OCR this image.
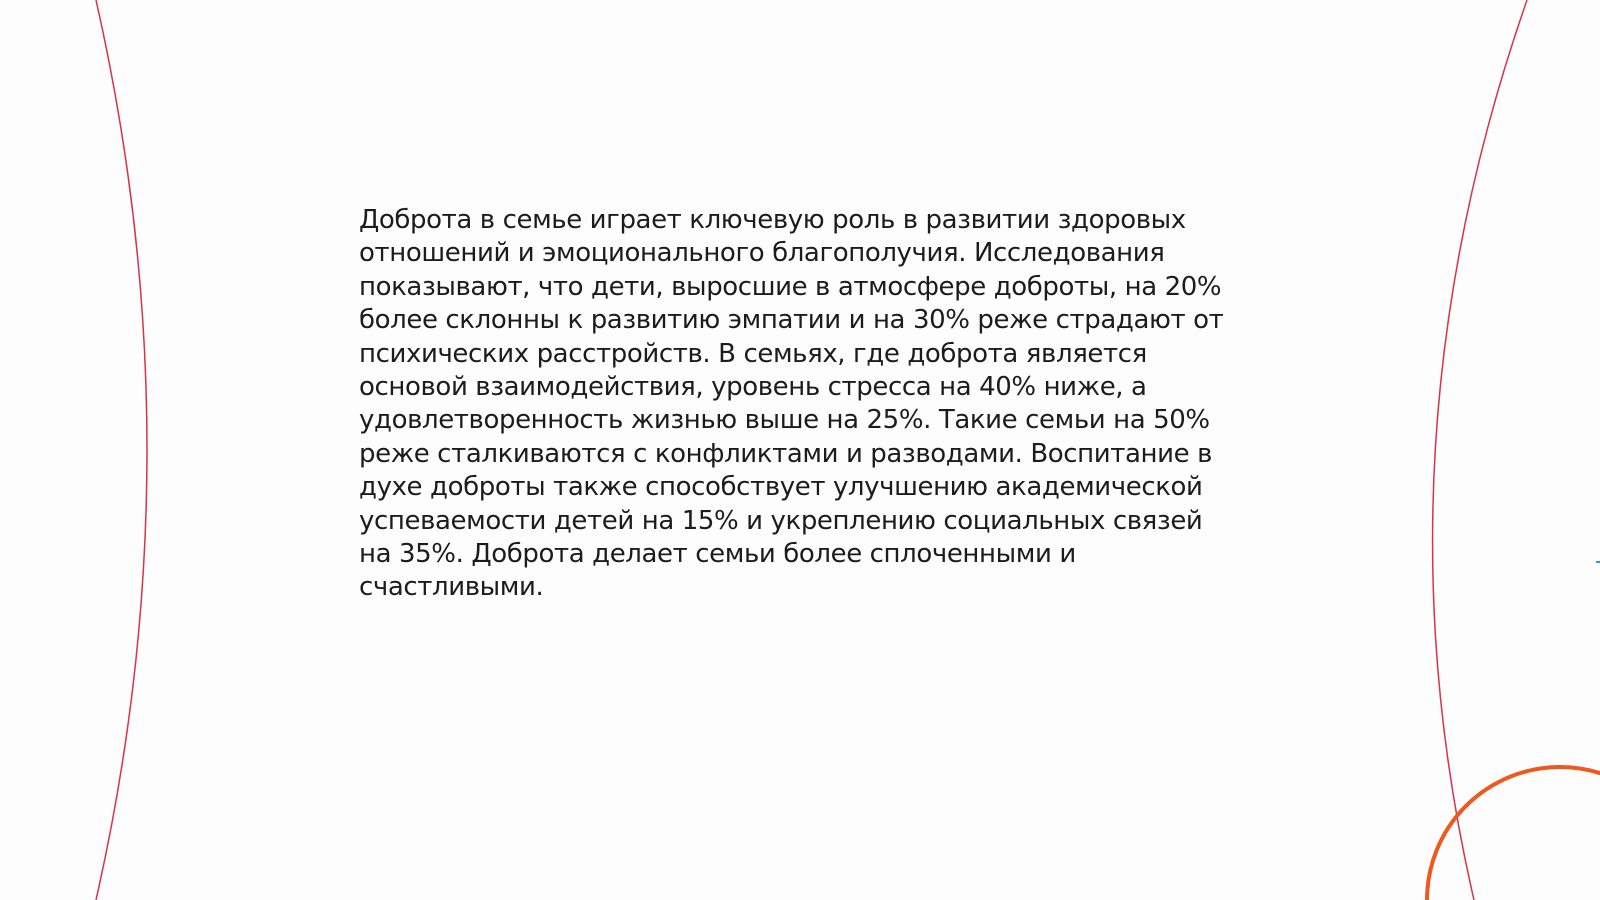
Доброта в семье играет ключевую роль в развитии здоровых отношений и эмоционального благополучия. Исследования показывают, что дети, выросшие в атмосфере доброты, на 20% более склонны к развитию эмпатии и на 30% реже страдают от психических расстройств. В семьях, где доброта является основой взаимодействия, уровень стресса на 40% ниже, а удовлетворенность жизнью выше на 25%. Такие семьи на 50% реже сталкиваются с конфликтами и разводами. Воспитание в духе доброты также способствует улучшению академической успеваемости детей на 15% и укреплению социальных связей на 35%. Доброта делает семьи более сплоченными и счастливыми.
